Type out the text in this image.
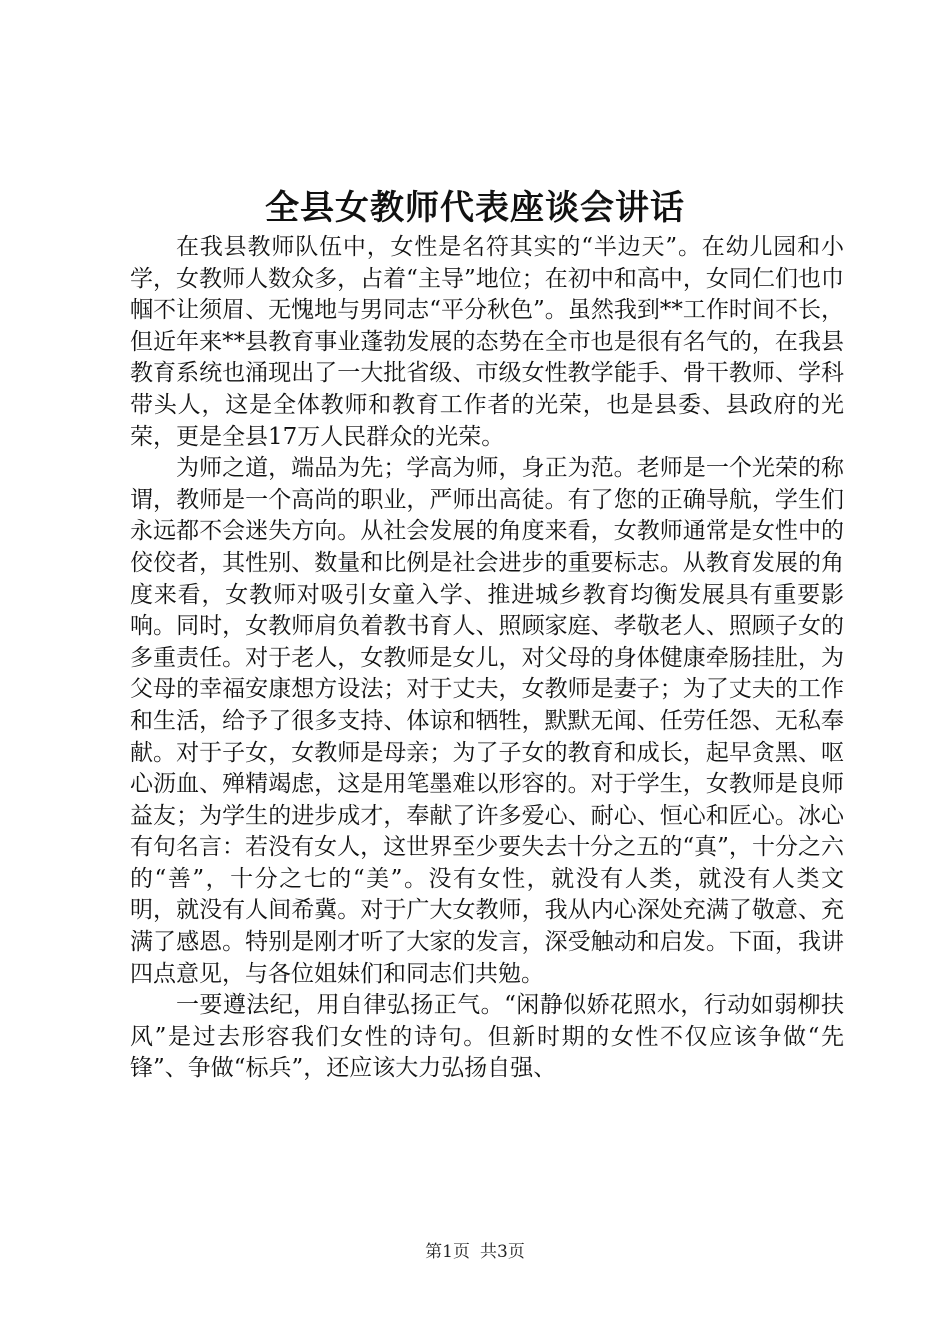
全县女教师代表座谈会讲话

在我县教师队伍中，女性是名符其实的“半边天”。在幼儿园和小学，女教师人数众多，占着“主导”地位；在初中和高中，女同仁们也巾帼不让须眉、无愧地与男同志“平分秋色”。虽然我到**工作时间不长，但近年来**县教育事业蓬勃发展的态势在全市也是很有名气的，在我县教育系统也涌现出了一大批省级、市级女性教学能手、骨干教师、学科带头人，这是全体教师和教育工作者的光荣，也是县委、县政府的光荣，更是全县17万人民群众的光荣。

为师之道，端品为先；学高为师，身正为范。老师是一个光荣的称谓，教师是一个高尚的职业，严师出高徒。有了您的正确导航，学生们永远都不会迷失方向。从社会发展的角度来看，女教师通常是女性中的佼佼者，其性别、数量和比例是社会进步的重要标志。从教育发展的角度来看，女教师对吸引女童入学、推进城乡教育均衡发展具有重要影响。同时，女教师肩负着教书育人、照顾家庭、孝敬老人、照顾子女的多重责任。对于老人，女教师是女儿，对父母的身体健康牵肠挂肚，为父母的幸福安康想方设法；对于丈夫，女教师是妻子；为了丈夫的工作和生活，给予了很多支持、体谅和牺牲，默默无闻、任劳任怨、无私奉献。对于子女，女教师是母亲；为了子女的教育和成长，起早贪黑、呕心沥血、殚精竭虑，这是用笔墨难以形容的。对于学生，女教师是良师益友；为学生的进步成才，奉献了许多爱心、耐心、恒心和匠心。冰心有句名言：若没有女人，这世界至少要失去十分之五的“真”，十分之六的“善”，十分之七的“美”。没有女性，就没有人类，就没有人类文明，就没有人间希冀。对于广大女教师，我从内心深处充满了敬意、充满了感恩。特别是刚才听了大家的发言，深受触动和启发。下面，我讲四点意见，与各位姐妹们和同志们共勉。

一要遵法纪，用自律弘扬正气。“闲静似娇花照水，行动如弱柳扶风”是过去形容我们女性的诗句。但新时期的女性不仅应该争做“先锋”、争做“标兵”，还应该大力弘扬自强、

第1页 共3页
